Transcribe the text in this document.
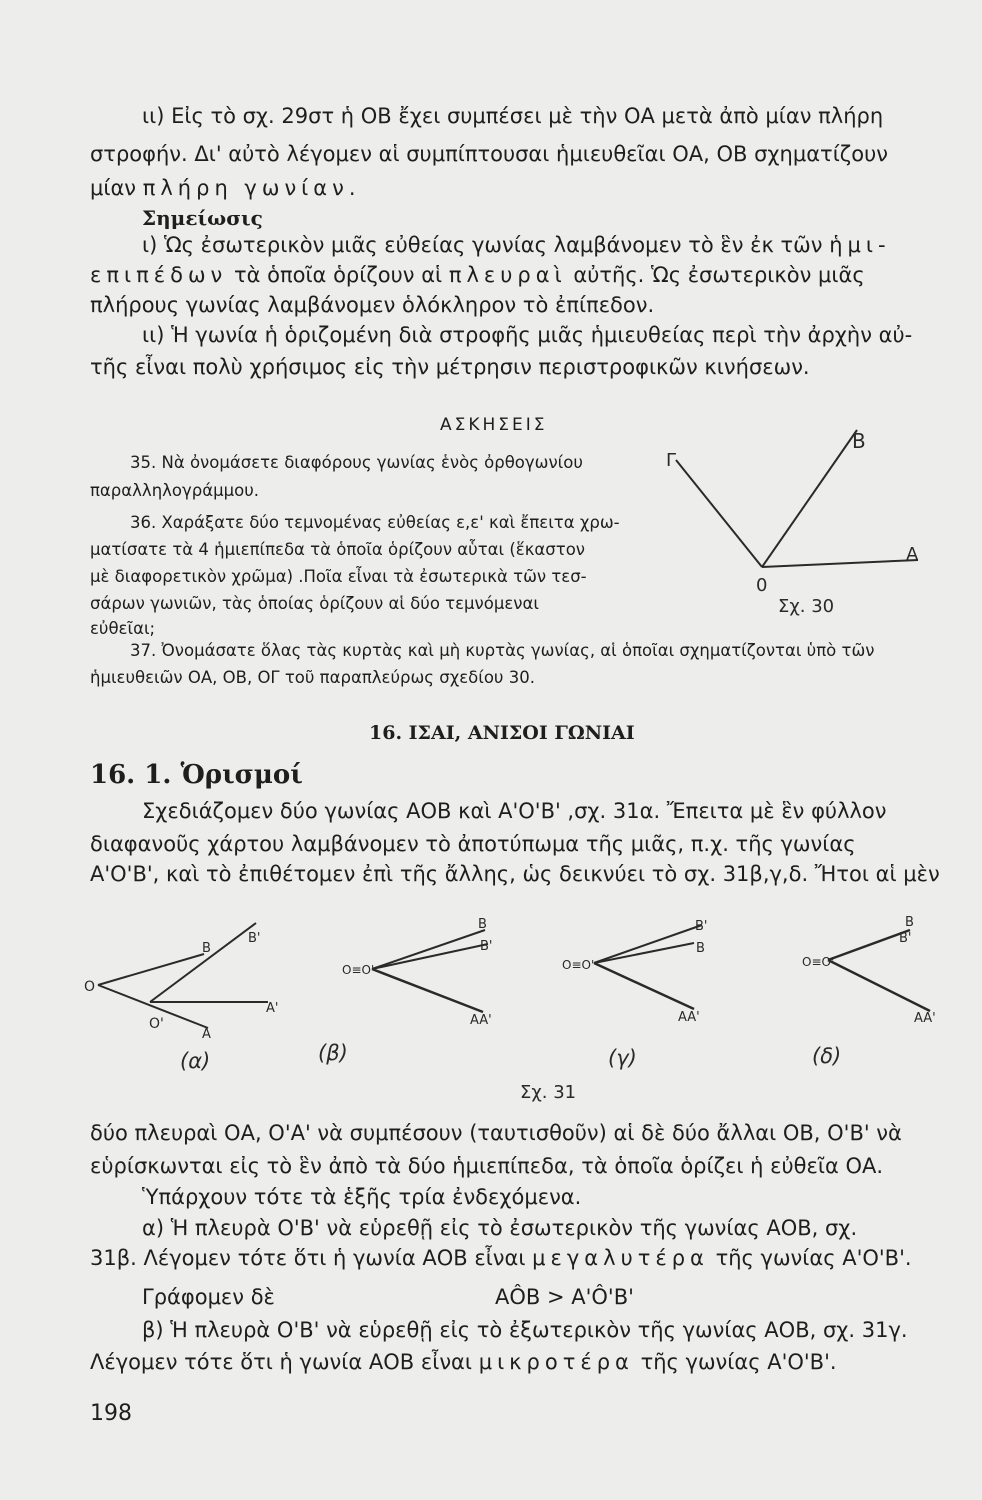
ιι) Εἰς τὸ σχ. 29στ ἡ ΟΒ ἔχει συμπέσει μὲ τὴν ΟΑ μετὰ ἀπὸ μίαν πλήρη

στροφήν. Δι' αὐτὸ λέγομεν αἱ συμπίπτουσαι ἡμιευθεῖαι ΟΑ, ΟΒ σχηματίζουν

μίαν πλήρη γωνίαν.

Σημείωσις

ι) Ὡς ἐσωτερικὸν μιᾶς εὐθείας γωνίας λαμβάνομεν τὸ ἓν ἐκ τῶν ἡμι-

επιπέδων τὰ ὁποῖα ὁρίζουν αἱ πλευραὶ αὐτῆς. Ὡς ἐσωτερικὸν μιᾶς

πλήρους γωνίας λαμβάνομεν ὁλόκληρον τὸ ἐπίπεδον.

ιι) Ἡ γωνία ἡ ὁριζομένη διὰ στροφῆς μιᾶς ἡμιευθείας περὶ τὴν ἀρχὴν αὐ-

τῆς εἶναι πολὺ χρήσιμος εἰς τὴν μέτρησιν περιστροφικῶν κινήσεων.

ΑΣΚΗΣΕΙΣ

35. Νὰ ὀνομάσετε διαφόρους γωνίας ἑνὸς ὀρθογωνίου

παραλληλογράμμου.

36. Χαράξατε δύο τεμνομένας εὐθείας ε,ε' καὶ ἔπειτα χρω-

ματίσατε τὰ 4 ἡμιεπίπεδα τὰ ὁποῖα ὁρίζουν αὗται (ἕκαστον

μὲ διαφορετικὸν χρῶμα) .Ποῖα εἶναι τὰ ἐσωτερικὰ τῶν τεσ-

σάρων γωνιῶν, τὰς ὁποίας ὁρίζουν αἱ δύο τεμνόμεναι

εὐθεῖαι;

37. Ὀνομάσατε ὅλας τὰς κυρτὰς καὶ μὴ κυρτὰς γωνίας, αἱ ὁποῖαι σχηματίζονται ὑπὸ τῶν

ἡμιευθειῶν ΟΑ, ΟΒ, ΟΓ τοῦ παραπλεύρως σχεδίου 30.

B
Γ
A
0
Σχ. 30

16. ΙΣΑΙ, ΑΝΙΣΟΙ ΓΩΝΙΑΙ

16. 1. Ὁρισμοί

Σχεδιάζομεν δύο γωνίας ΑΟΒ καὶ Α'Ο'Β' ,σχ. 31α. Ἔπειτα μὲ ἓν φύλλον

διαφανοῦς χάρτου λαμβάνομεν τὸ ἀποτύπωμα τῆς μιᾶς, π.χ. τῆς γωνίας

Α'Ο'Β', καὶ τὸ ἐπιθέτομεν ἐπὶ τῆς ἄλλης, ὡς δεικνύει τὸ σχ. 31β,γ,δ. Ἤτοι αἱ μὲν

O
O'
B
B'
A'
A
(α)
O≡O'
B
B'
AA'
(β)
O≡O'
B'
B
AA'
(γ)
O≡O'
B
B'
AA'
(δ)
Σχ. 31

δύο πλευραὶ ΟΑ, Ο'Α' νὰ συμπέσουν (ταυτισθοῦν) αἱ δὲ δύο ἄλλαι ΟΒ, Ο'Β' νὰ

εὑρίσκωνται εἰς τὸ ἓν ἀπὸ τὰ δύο ἡμιεπίπεδα, τὰ ὁποῖα ὁρίζει ἡ εὐθεῖα ΟΑ.

Ὑπάρχουν τότε τὰ ἑξῆς τρία ἐνδεχόμενα.

α) Ἡ πλευρὰ Ο'Β' νὰ εὑρεθῇ εἰς τὸ ἐσωτερικὸν τῆς γωνίας ΑΟΒ, σχ.

31β. Λέγομεν τότε ὅτι ἡ γωνία ΑΟΒ εἶναι μεγαλυτέρα τῆς γωνίας Α'Ο'Β'.

Γράφομεν δὲ	ΑÔΒ > Α'Ô'Β'

β) Ἡ πλευρὰ Ο'Β' νὰ εὑρεθῇ εἰς τὸ ἐξωτερικὸν τῆς γωνίας ΑΟΒ, σχ. 31γ.

Λέγομεν τότε ὅτι ἡ γωνία ΑΟΒ εἶναι μικροτέρα τῆς γωνίας Α'Ο'Β'.

198
